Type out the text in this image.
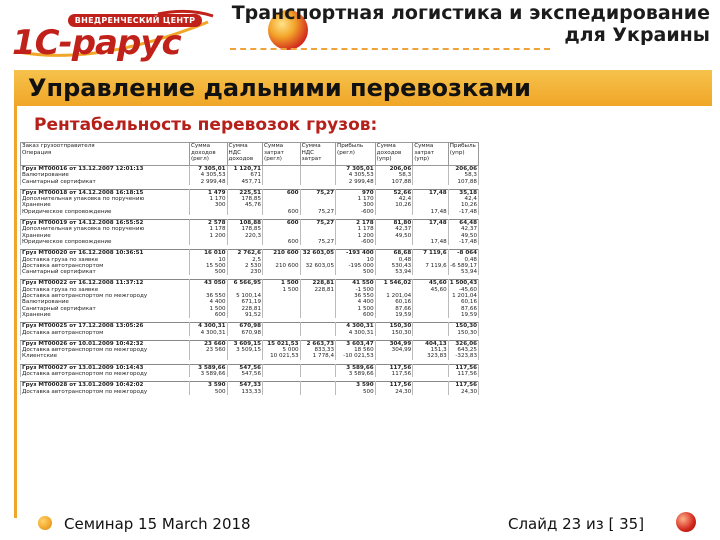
ВНЕДРЕНЧЕСКИЙ ЦЕНТР
1С-рарус
Транспортная логистика и экспедирование
для Украины
Управление дальними перевозками
Рентабельность перевозок грузов:
Заказ грузоотправителя
Операция	Сумма доходов (регл)	Сумма НДС доходов	Сумма затрат (регл)	Сумма НДС затрат	Прибыль (регл)	Сумма доходов (упр)	Сумма затрат (упр)	Прибыль (упр)
Груз МТ00016 от 13.12.2007 12:01:13	7 305,01	1 120,71			7 305,01	206,06		206,06
Валютирование	4 305,53	671			4 305,53	58,3		58,3
Санитарный сертификат	2 999,48	457,71			2 999,48	107,88		107,88

Груз МТ00018 от 14.12.2008 16:18:15	1 479	225,51	600	75,27	970	52,66	17,48	35,18
Дополнительная упаковка по поручению	1 170	178,85			1 170	42,4		42,4
Хранение	300	45,76			300	10,26		10,26
Юридическое сопровождение			600	75,27	-600		17,48	-17,48

Груз МТ00019 от 14.12.2008 16:55:52	2 578	108,88	600	75,27	2 178	81,80	17,48	64,48
Дополнительная упаковка по поручению	1 178	178,85			1 178	42,37		42,37
Хранение	1 200	220,3			1 200	49,50		49,50
Юридическое сопровождение			600	75,27	-600		17,48	-17,48

Груз МТ00020 от 16.12.2008 10:36:51	16 010	2 762,6	210 600	32 603,05	-193 400	68,68	7 119,6	-8 064
Доставка груза по заявке	10	2,5			10	0,48		0,48
Доставка автотранспортом	15 500	2 530	210 600	32 603,05	-195 000	530,43	7 119,6	-6 589,17
Санитарный сертификат	500	230			500	53,94		53,94

Груз МТ00022 от 16.12.2008 11:37:12	43 050	6 566,95	1 500	228,81	41 550	1 546,02	45,60	1 500,43
Доставка груза по заявке			1 500	228,81	-1 500		45,60	-45,60
Доставка автотранспортом по межгороду	36 550	5 100,14			36 550	1 201,04		1 201,04
Валютирование	4 400	671,19			4 400	60,16		60,16
Санитарный сертификат	1 500	228,81			1 500	87,66		87,66
Хранение	600	91,52			600	19,59		19,59

Груз МТ00025 от 17.12.2008 13:05:26	4 300,31	670,98			4 300,31	150,30		150,30
Доставка автотранспортом	4 300,31	670,98			4 300,31	150,30		150,30

Груз МТ00026 от 10.01.2009 10:42:32	23 660	3 609,15	15 021,53	2 663,73	3 603,47	304,99	404,13	326,06
Доставка автотранспортом по межгороду	23 560	3 509,15	5 000	833,33	18 560	304,99	151,3	643,25
Клиентские			10 021,53	1 778,4	-10 021,53		323,83	-323,83

Груз МТ00027 от 13.01.2009 10:14:43	3 589,66	547,56			3 589,66	117,56		117,56
Доставка автотранспортом по межгороду	3 589,66	547,56			3 589,66	117,56		117,56

Груз МТ00028 от 13.01.2009 10:42:02	3 590	547,33			3 590	117,56		117,56
Доставка автотранспортом по межгороду	500	133,33			500	24,30		24,30
Семинар 15 March 2018	Слайд 23 из [ 35]
